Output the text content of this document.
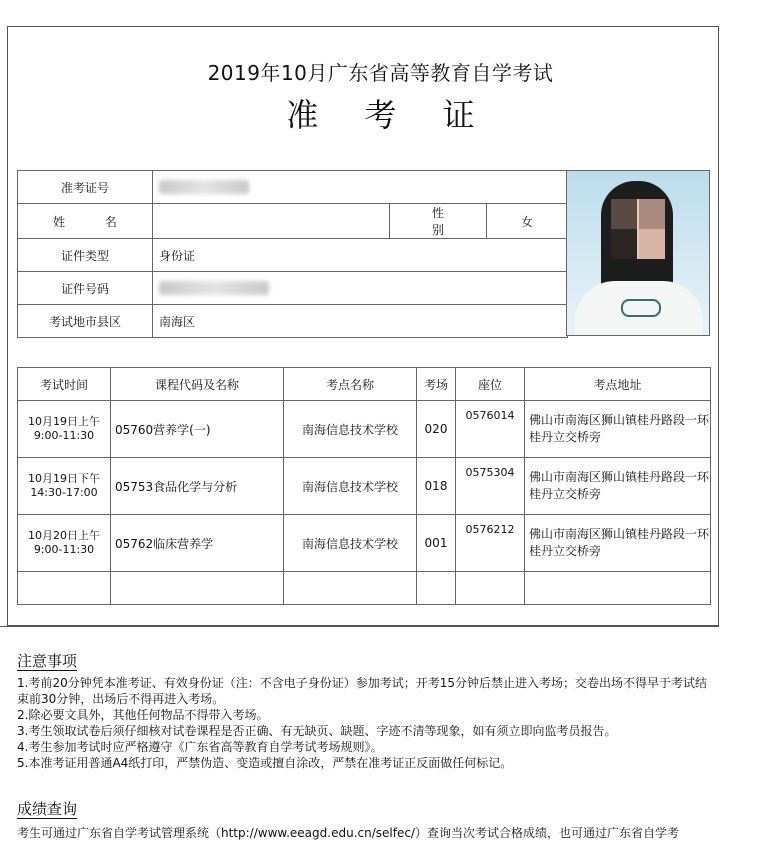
2019年10月广东省高等教育自学考试
准 考 证
准考证号			
姓 名		性 别	女
证件类型	身份证		
证件号码			
考试地市县区	南海区		
考试时间	课程代码及名称	考点名称	考场	座位	考点地址

10月19日上午
9:00-11:30	05760营养学(一)	南海信息技术学校	020	0576014	佛山市南海区狮山镇桂丹路段一环桂丹立交桥旁

10月19日下午
14:30-17:00	05753食品化学与分析	南海信息技术学校	018	0575304	佛山市南海区狮山镇桂丹路段一环桂丹立交桥旁

10月20日上午
9:00-11:30	05762临床营养学	南海信息技术学校	001	0576212	佛山市南海区狮山镇桂丹路段一环桂丹立交桥旁

注意事项
1.考前20分钟凭本准考证、有效身份证（注：不含电子身份证）参加考试；开考15分钟后禁止进入考场；交卷出场不得早于考试结束前30分钟，出场后不得再进入考场。
2.除必要文具外，其他任何物品不得带入考场。
3.考生领取试卷后须仔细核对试卷课程是否正确、有无缺页、缺题、字迹不清等现象，如有须立即向监考员报告。
4.考生参加考试时应严格遵守《广东省高等教育自学考试考场规则》。
5.本准考证用普通A4纸打印，严禁伪造、变造或擅自涂改，严禁在准考证正反面做任何标记。
成绩查询
考生可通过广东省自学考试管理系统（http://www.eeagd.edu.cn/selfec/）查询当次考试合格成绩，也可通过广东省自学考
